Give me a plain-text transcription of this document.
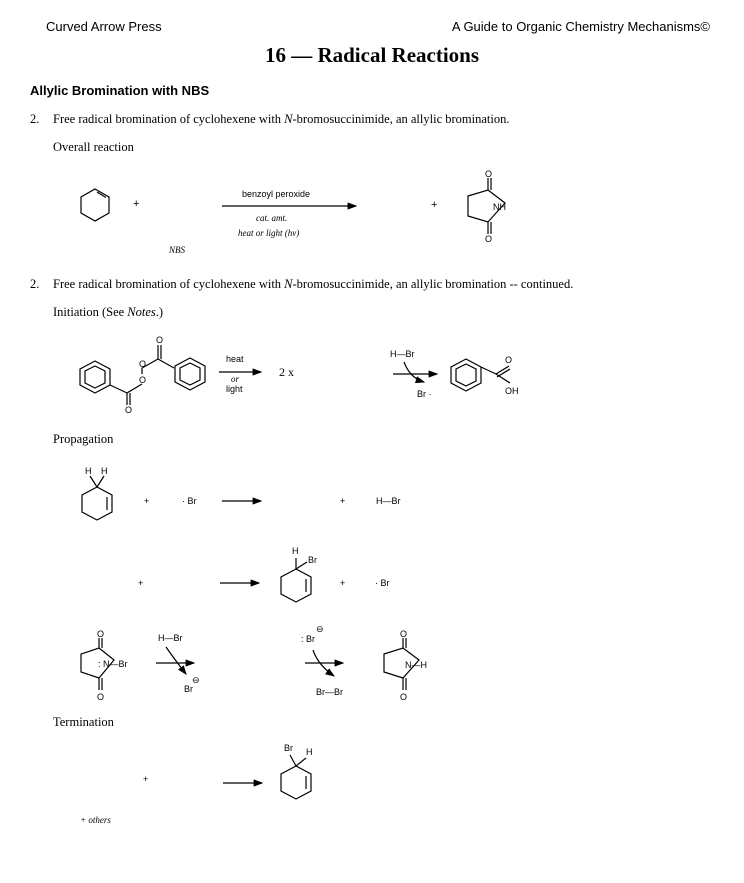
Curved Arrow Press	A Guide to Organic Chemistry Mechanisms©
16 — Radical Reactions
Allylic Bromination with NBS
2. Free radical bromination of cyclohexene with N-bromosuccinimide, an allylic bromination.
Overall reaction
+
benzoyl peroxide
cat. amt.
heat or light (hν)
NBS
+
2. Free radical bromination of cyclohexene with N-bromosuccinimide, an allylic bromination -- continued.
Initiation (See Notes.)
heat
or
light
2 x
Propagation
Termination
+ others
O
NH
O
O
O
O
O
H—Br
Br ·
O
OH
H H
+	· Br	+	H—Br
+
H
Br
+	· Br
O
: N—Br
O
H—Br
Br
⊖
: Br
⊖
Br—Br
O
N—H
O
+
Br H
